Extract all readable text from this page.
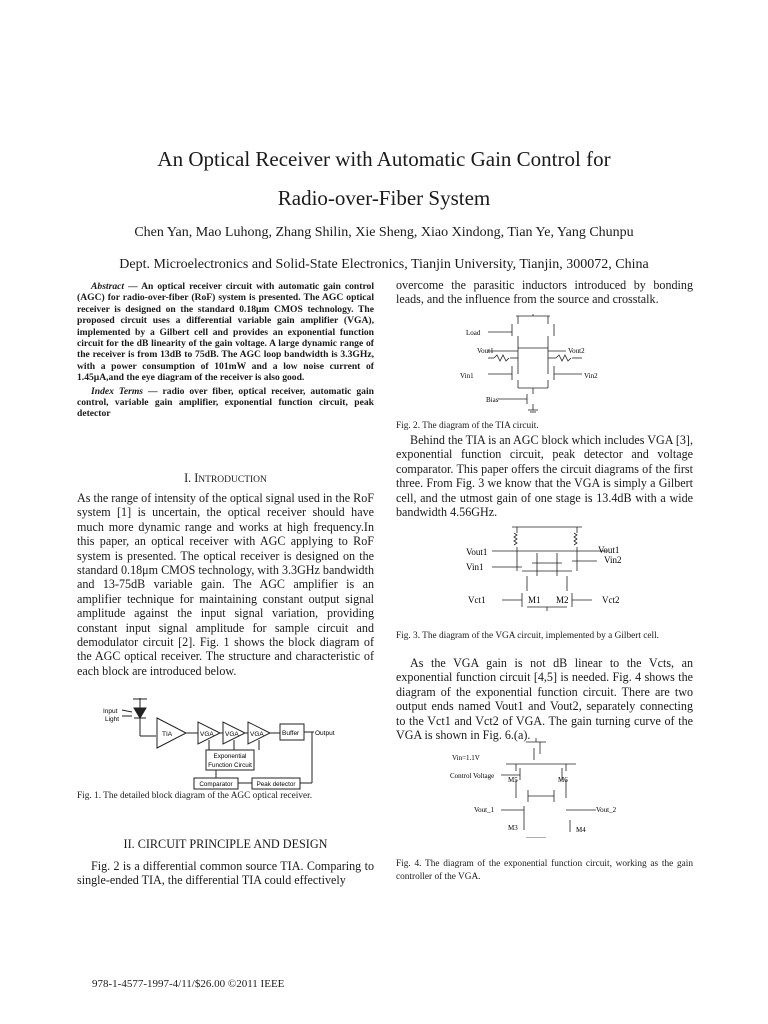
An Optical Receiver with Automatic Gain Control for
Radio-over-Fiber System
Chen Yan, Mao Luhong, Zhang Shilin, Xie Sheng, Xiao Xindong, Tian Ye, Yang Chunpu
Dept. Microelectronics and Solid-State Electronics, Tianjin University, Tianjin, 300072, China

Abstract — An optical receiver circuit with automatic gain control (AGC) for radio-over-fiber (RoF) system is presented. The AGC optical receiver is designed on the standard 0.18μm CMOS technology. The proposed circuit uses a differential variable gain amplifier (VGA), implemented by a Gilbert cell and provides an exponential function circuit for the dB linearity of the gain voltage. A large dynamic range of the receiver is from 13dB to 75dB. The AGC loop bandwidth is 3.3GHz, with a power consumption of 101mW and a low noise current of 1.45μA,and the eye diagram of the receiver is also good.

Index Terms — radio over fiber, optical receiver, automatic gain control, variable gain amplifier, exponential function circuit, peak detector

I. INTRODUCTION

As the range of intensity of the optical signal used in the RoF system [1] is uncertain, the optical receiver should have much more dynamic range and works at high frequency.In this paper, an optical receiver with AGC applying to RoF system is presented. The optical receiver is designed on the standard 0.18μm CMOS technology, with 3.3GHz bandwidth and 13-75dB variable gain. The AGC amplifier is an amplifier technique for maintaining constant output signal amplitude against the input signal variation, providing constant input signal amplitude for sample circuit and demodulator circuit [2]. Fig. 1 shows the block diagram of the AGC optical receiver. The structure and characteristic of each block are introduced below.

Input
Light
TIA	VGA VGA VGA	Buffer Output
Exponential
Function Circuit
Comparator	Peak detector

Fig. 1. The detailed block diagram of the AGC optical receiver.

II. CIRCUIT PRINCIPLE AND DESIGN

Fig. 2 is a differential common source TIA. Comparing to single-ended TIA, the differential TIA could effectively

overcome the parasitic inductors introduced by bonding leads, and the influence from the source and crosstalk.

Load
Vout1	Vout2
Vin1	Vin2
Bias

Fig. 2. The diagram of the TIA circuit.

Behind the TIA is an AGC block which includes VGA [3], exponential function circuit, peak detector and voltage comparator. This paper offers the circuit diagrams of the first three. From Fig. 3 we know that the VGA is simply a Gilbert cell, and the utmost gain of one stage is 13.4dB with a wide bandwidth 4.56GHz.

Vout1
Vin1
Vout1
Vin2
Vct1	M1 M2	Vct2

Fig. 3. The diagram of the VGA circuit, implemented by a Gilbert cell.

As the VGA gain is not dB linear to the Vcts, an exponential function circuit [4,5] is needed. Fig. 4 shows the diagram of the exponential function circuit. There are two output ends named Vout1 and Vout2, separately connecting to the Vct1 and Vct2 of VGA. The gain turning curve of the VGA is shown in Fig. 6.(a).

Vin=1.1V
Control Voltage M5	M6
Vout_1	Vout_2
M3	M4

Fig. 4. The diagram of the exponential function circuit, working as the gain controller of the VGA.

978-1-4577-1997-4/11/$26.00 ©2011 IEEE
